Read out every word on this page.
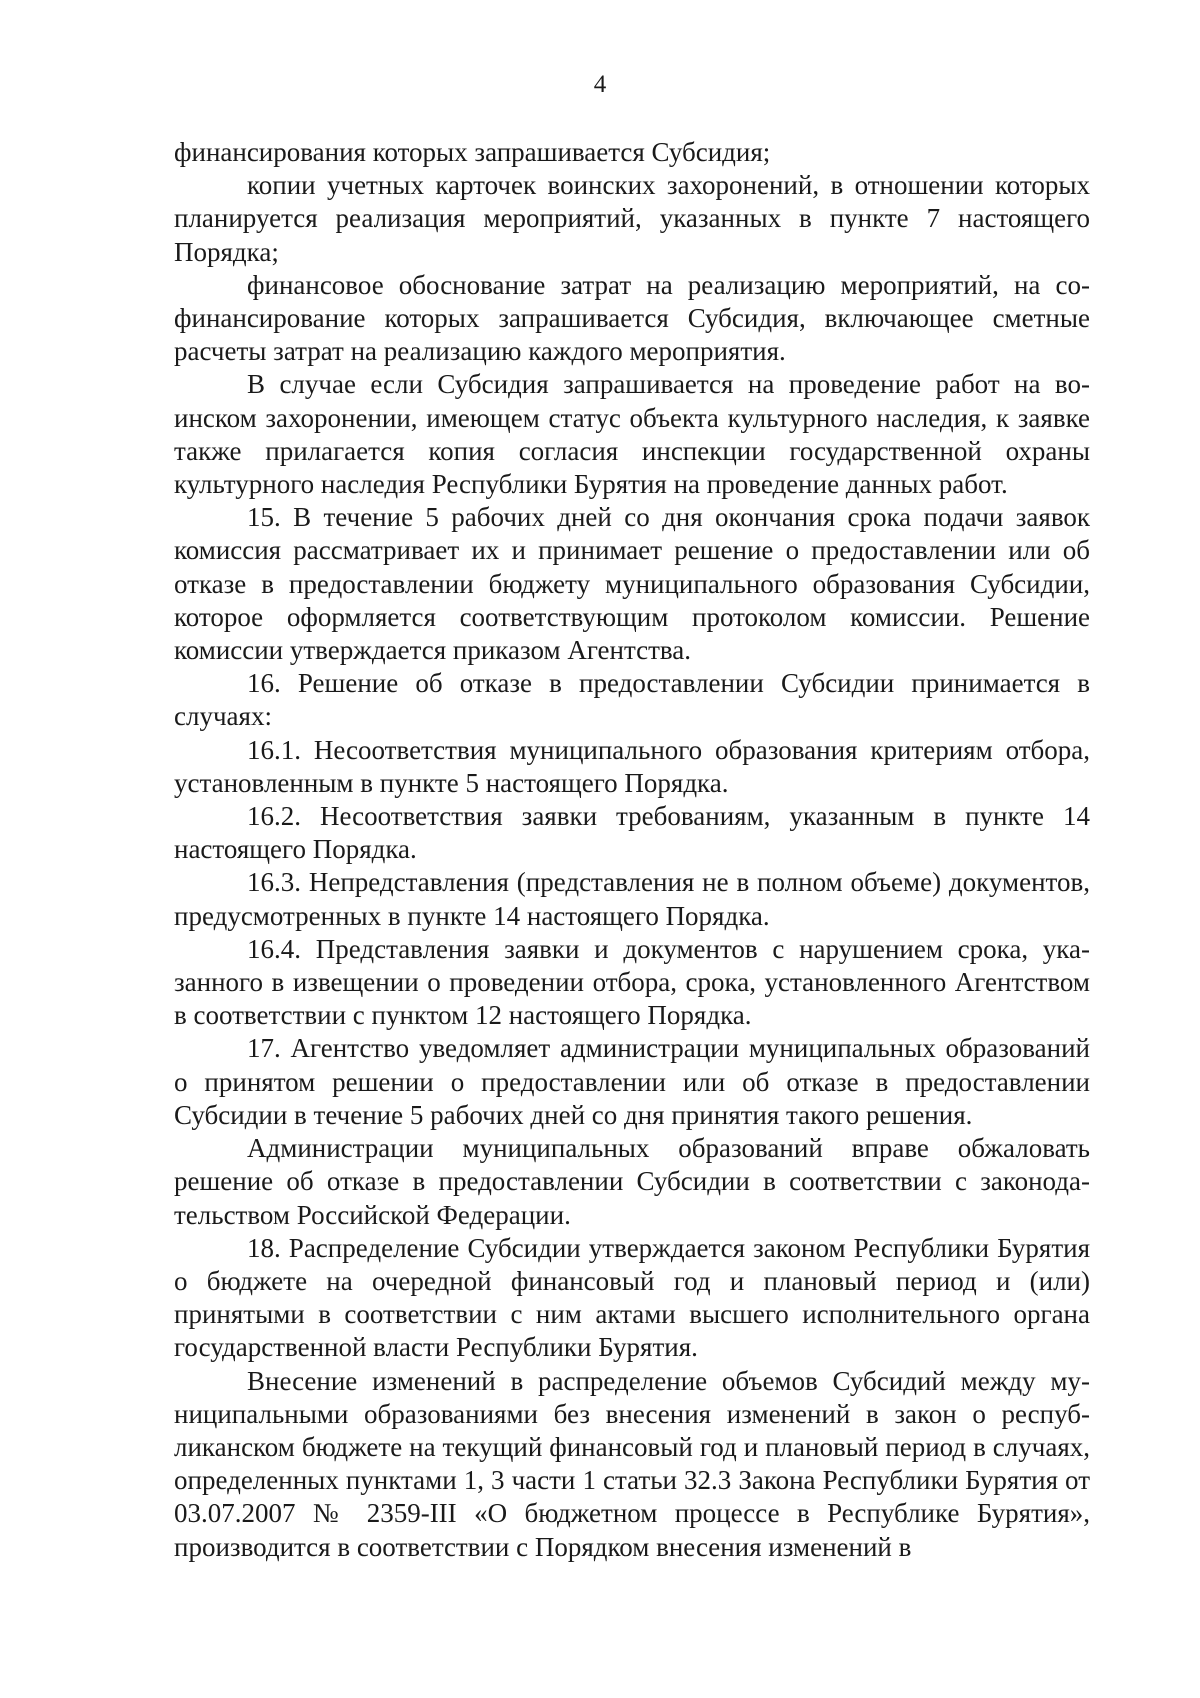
4

финансирования которых запрашивается Субсидия;

копии учетных карточек воинских захоронений, в отношении которых планируется реализация мероприятий, указанных в пункте 7 настоящего Порядка;

финансовое обоснование затрат на реализацию мероприятий, на софинансирование которых запрашивается Субсидия, включающее сметные расчеты затрат на реализацию каждого мероприятия.

В случае если Субсидия запрашивается на проведение работ на воинском захоронении, имеющем статус объекта культурного наследия, к заявке также прилагается копия согласия инспекции государственной охраны культурного наследия Республики Бурятия на проведение данных работ.

15. В течение 5 рабочих дней со дня окончания срока подачи заявок комиссия рассматривает их и принимает решение о предоставлении или об отказе в предоставлении бюджету муниципального образования Субсидии, которое оформляется соответствующим протоколом комиссии. Решение комиссии утверждается приказом Агентства.

16. Решение об отказе в предоставлении Субсидии принимается в случаях:

16.1. Несоответствия муниципального образования критериям отбора, установленным в пункте 5 настоящего Порядка.

16.2. Несоответствия заявки требованиям, указанным в пункте 14 настоящего Порядка.

16.3. Непредставления (представления не в полном объеме) документов, предусмотренных в пункте 14 настоящего Порядка.

16.4. Представления заявки и документов с нарушением срока, указанного в извещении о проведении отбора, срока, установленного Агентством в соответствии с пунктом 12 настоящего Порядка.

17. Агентство уведомляет администрации муниципальных образований о принятом решении о предоставлении или об отказе в предоставлении Субсидии в течение 5 рабочих дней со дня принятия такого решения.

Администрации муниципальных образований вправе обжаловать решение об отказе в предоставлении Субсидии в соответствии с законодательством Российской Федерации.

18. Распределение Субсидии утверждается законом Республики Бурятия о бюджете на очередной финансовый год и плановый период и (или) принятыми в соответствии с ним актами высшего исполнительного органа государственной власти Республики Бурятия.

Внесение изменений в распределение объемов Субсидий между муниципальными образованиями без внесения изменений в закон о республиканском бюджете на текущий финансовый год и плановый период в случаях, определенных пунктами 1, 3 части 1 статьи 32.3 Закона Республики Бурятия от 03.07.2007 № 2359-III «О бюджетном процессе в Республике Бурятия», производится в соответствии с Порядком внесения изменений в
